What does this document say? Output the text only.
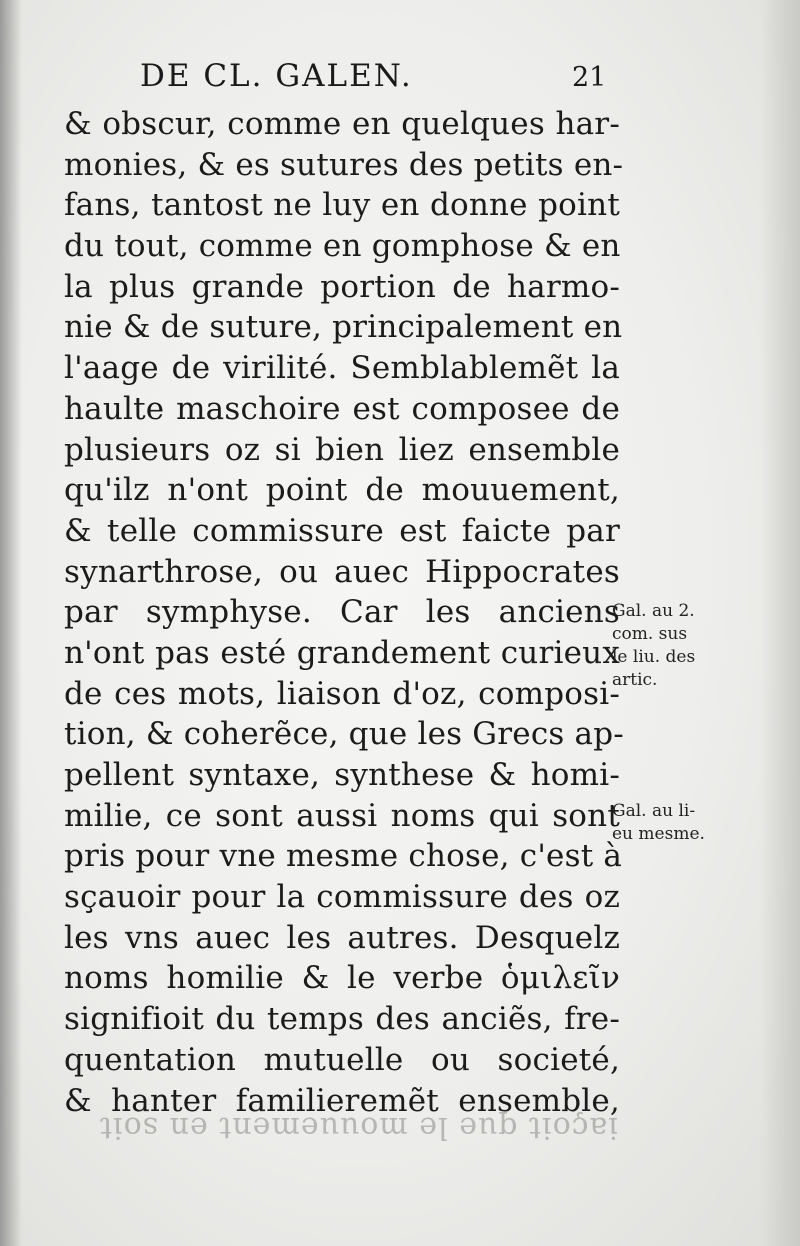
DE CL. GALEN.	21
& obscur, comme en quelques har-
monies, & es sutures des petits en-
fans, tantost ne luy en donne point
du tout, comme en gomphose & en
la plus grande portion de harmo-
nie & de suture, principalement en
l'aage de virilité. Semblablemẽt la
haulte maschoire est composee de
plusieurs oz si bien liez ensemble
qu'ilz n'ont point de mouuement,
& telle commissure est faicte par
synarthrose, ou auec Hippocrates
par symphyse. Car les anciens
n'ont pas esté grandement curieux
de ces mots, liaison d'oz, composi-
tion, & coherẽce, que les Grecs ap-
pellent syntaxe, synthese & homi-
milie, ce sont aussi noms qui sont
pris pour vne mesme chose, c'est à
sçauoir pour la commissure des oz
les vns auec les autres. Desquelz
noms homilie & le verbe ὁμιλεῖν
signifioit du temps des anciẽs, fre-
quentation mutuelle ou societé,
& hanter familieremẽt ensemble,
Gal. au 2.
com. sus
le liu. des
artic.
Gal. au li-
eu mesme.
iaçoit que le mouuement en soit
